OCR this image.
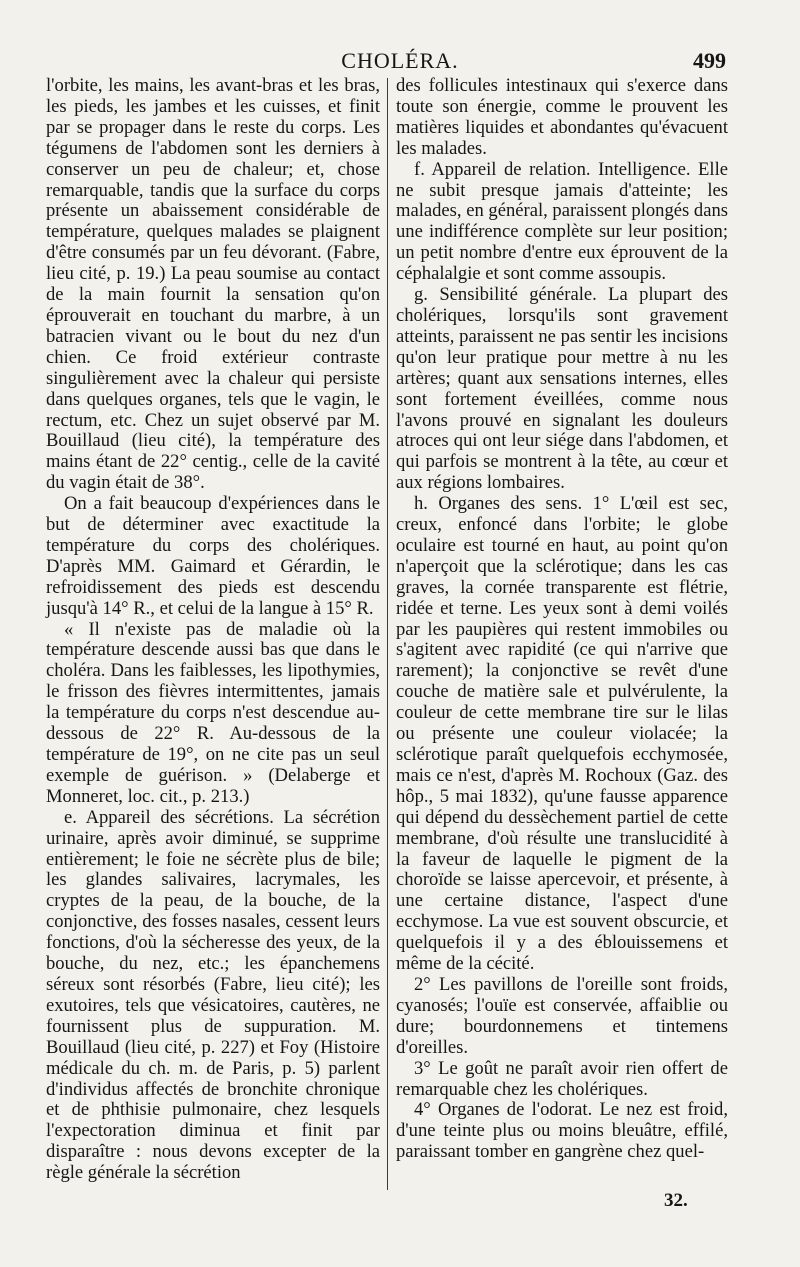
CHOLÉRA.	499

l'orbite, les mains, les avant-bras et les bras, les pieds, les jambes et les cuisses, et finit par se propager dans le reste du corps. Les tégumens de l'abdomen sont les derniers à conserver un peu de chaleur; et, chose remarquable, tandis que la surface du corps présente un abaissement considérable de température, quelques malades se plaignent d'être consumés par un feu dévorant. (Fabre, lieu cité, p. 19.) La peau soumise au contact de la main fournit la sensation qu'on éprouverait en touchant du marbre, à un batracien vivant ou le bout du nez d'un chien. Ce froid extérieur contraste singulièrement avec la chaleur qui persiste dans quelques organes, tels que le vagin, le rectum, etc. Chez un sujet observé par M. Bouillaud (lieu cité), la température des mains étant de 22° centig., celle de la cavité du vagin était de 38°.

On a fait beaucoup d'expériences dans le but de déterminer avec exactitude la température du corps des cholériques. D'après MM. Gaimard et Gérardin, le refroidissement des pieds est descendu jusqu'à 14° R., et celui de la langue à 15° R.

« Il n'existe pas de maladie où la température descende aussi bas que dans le choléra. Dans les faiblesses, les lipothymies, le frisson des fièvres intermittentes, jamais la température du corps n'est descendue au-dessous de 22° R. Au-dessous de la température de 19°, on ne cite pas un seul exemple de guérison. » (Delaberge et Monneret, loc. cit., p. 213.)

e. Appareil des sécrétions. La sécrétion urinaire, après avoir diminué, se supprime entièrement; le foie ne sécrète plus de bile; les glandes salivaires, lacrymales, les cryptes de la peau, de la bouche, de la conjonctive, des fosses nasales, cessent leurs fonctions, d'où la sécheresse des yeux, de la bouche, du nez, etc.; les épanchemens séreux sont résorbés (Fabre, lieu cité); les exutoires, tels que vésicatoires, cautères, ne fournissent plus de suppuration. M. Bouillaud (lieu cité, p. 227) et Foy (Histoire médicale du ch. m. de Paris, p. 5) parlent d'individus affectés de bronchite chronique et de phthisie pulmonaire, chez lesquels l'expectoration diminua et finit par disparaître : nous devons excepter de la règle générale la sécrétion

des follicules intestinaux qui s'exerce dans toute son énergie, comme le prouvent les matières liquides et abondantes qu'évacuent les malades.

f. Appareil de relation. Intelligence. Elle ne subit presque jamais d'atteinte; les malades, en général, paraissent plongés dans une indifférence complète sur leur position; un petit nombre d'entre eux éprouvent de la céphalalgie et sont comme assoupis.

g. Sensibilité générale. La plupart des cholériques, lorsqu'ils sont gravement atteints, paraissent ne pas sentir les incisions qu'on leur pratique pour mettre à nu les artères; quant aux sensations internes, elles sont fortement éveillées, comme nous l'avons prouvé en signalant les douleurs atroces qui ont leur siége dans l'abdomen, et qui parfois se montrent à la tête, au cœur et aux régions lombaires.

h. Organes des sens. 1° L'œil est sec, creux, enfoncé dans l'orbite; le globe oculaire est tourné en haut, au point qu'on n'aperçoit que la sclérotique; dans les cas graves, la cornée transparente est flétrie, ridée et terne. Les yeux sont à demi voilés par les paupières qui restent immobiles ou s'agitent avec rapidité (ce qui n'arrive que rarement); la conjonctive se revêt d'une couche de matière sale et pulvérulente, la couleur de cette membrane tire sur le lilas ou présente une couleur violacée; la sclérotique paraît quelquefois ecchymosée, mais ce n'est, d'après M. Rochoux (Gaz. des hôp., 5 mai 1832), qu'une fausse apparence qui dépend du dessèchement partiel de cette membrane, d'où résulte une translucidité à la faveur de laquelle le pigment de la choroïde se laisse apercevoir, et présente, à une certaine distance, l'aspect d'une ecchymose. La vue est souvent obscurcie, et quelquefois il y a des éblouissemens et même de la cécité.

2° Les pavillons de l'oreille sont froids, cyanosés; l'ouïe est conservée, affaiblie ou dure; bourdonnemens et tintemens d'oreilles.

3° Le goût ne paraît avoir rien offert de remarquable chez les cholériques.

4° Organes de l'odorat. Le nez est froid, d'une teinte plus ou moins bleuâtre, effilé, paraissant tomber en gangrène chez quel-

32.
